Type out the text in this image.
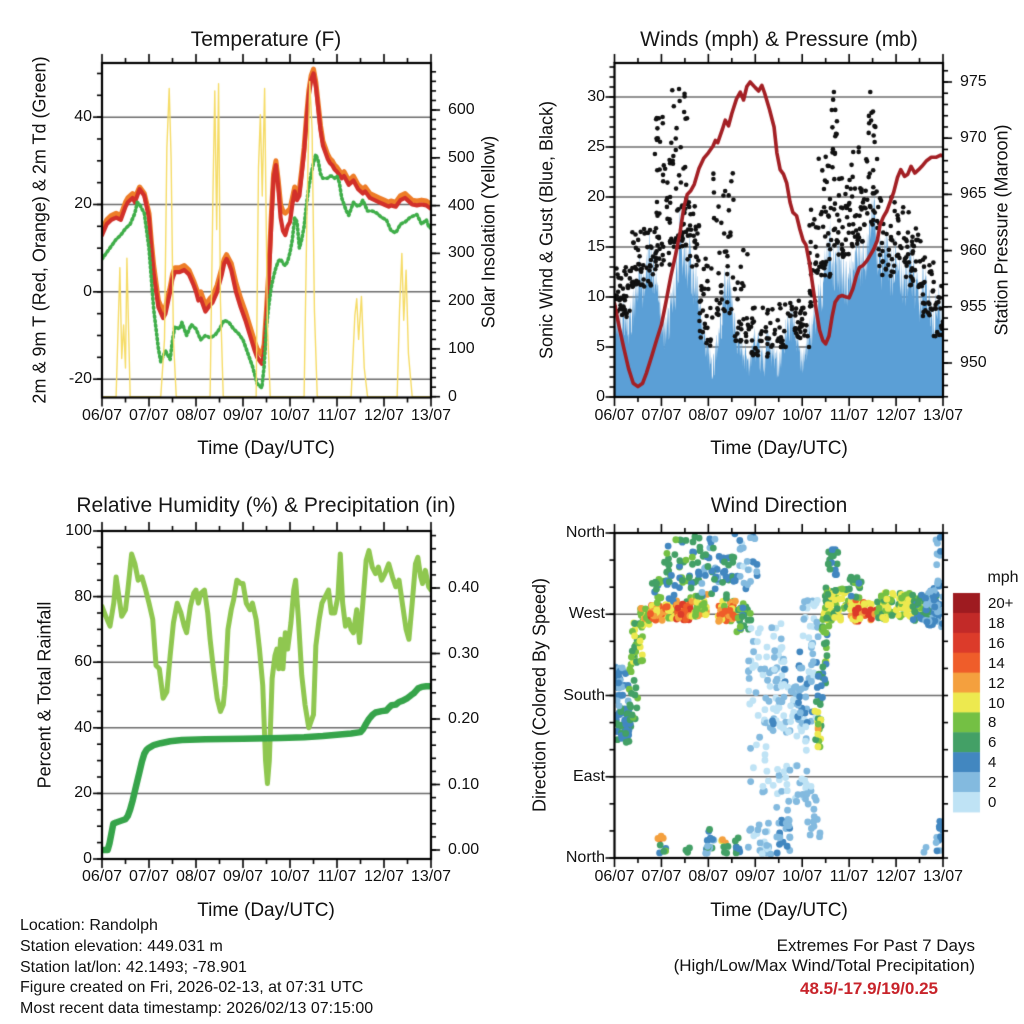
Temperature (F)	Winds (mph) & Pressure (mb)
Relative Humidity (%) & Precipitation (in)	Wind Direction
2m & 9m T (Red, Orange) & 2m Td (Green)	Solar Insolation (Yellow) Sonic Wind & Gust (Blue, Black)	Station Pressure (Maroon)
Percent & Total Rainfall	Direction (Colored By Speed)
Time (Day/UTC)	Time (Day/UTC)
Time (Day/UTC)	Time (Day/UTC)
06/07 07/07 08/07 09/07 10/07 11/07 12/07 13/07	06/07 07/07 08/07 09/07 10/07 11/07 12/07 13/07
06/07 07/07 08/07 09/07 10/07 11/07 12/07 13/07	06/07 07/07 08/07 09/07 10/07 11/07 12/07 13/07
-20
0
20
40
0
100
200
300
400
500
600
0
5
10
15
20
25
30
950
955
960
965
970
975
0
20
40
60
80
100
0.00
0.10
0.20
0.30
0.40
North
West
South
East
North
mph
20+
18
16
14
12
10
8
6
4
2
0
Location: Randolph
Station elevation: 449.031 m
Station lat/lon: 42.1493; -78.901
Figure created on Fri, 2026-02-13, at 07:31 UTC
Most recent data timestamp: 2026/02/13 07:15:00
Extremes For Past 7 Days
(High/Low/Max Wind/Total Precipitation)
48.5/-17.9/19/0.25
